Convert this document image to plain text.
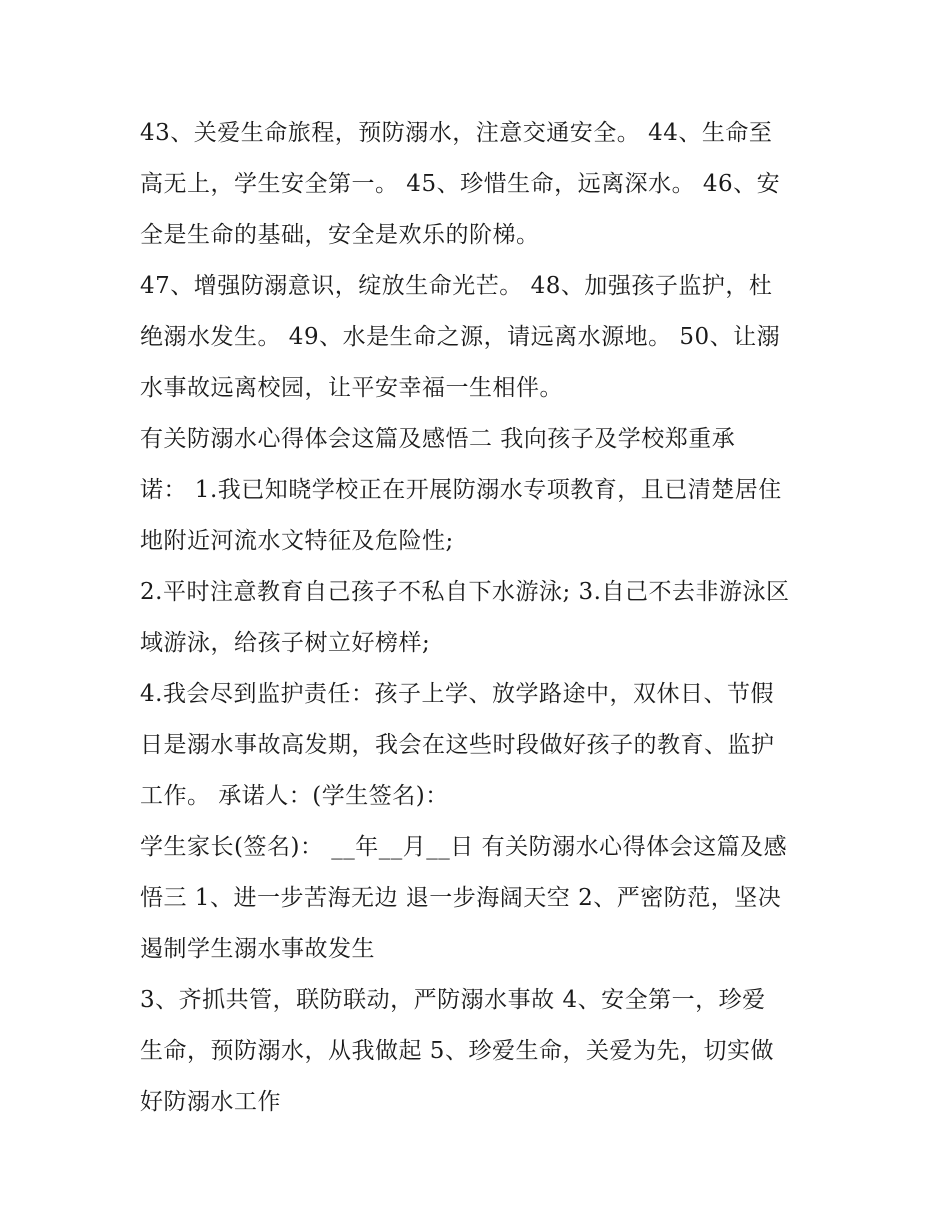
43、关爱生命旅程，预防溺水，注意交通安全。 44、生命至
高无上，学生安全第一。 45、珍惜生命，远离深水。 46、安
全是生命的基础，安全是欢乐的阶梯。
47、增强防溺意识，绽放生命光芒。 48、加强孩子监护，杜
绝溺水发生。 49、水是生命之源，请远离水源地。 50、让溺
水事故远离校园，让平安幸福一生相伴。
有关防溺水心得体会这篇及感悟二 我向孩子及学校郑重承
诺： 1.我已知晓学校正在开展防溺水专项教育，且已清楚居住
地附近河流水文特征及危险性;
2.平时注意教育自己孩子不私自下水游泳; 3.自己不去非游泳区
域游泳，给孩子树立好榜样;
4.我会尽到监护责任：孩子上学、放学路途中，双休日、节假
日是溺水事故高发期，我会在这些时段做好孩子的教育、监护
工作。 承诺人：(学生签名)：
学生家长(签名)： __年__月__日 有关防溺水心得体会这篇及感
悟三 1、进一步苦海无边 退一步海阔天空 2、严密防范，坚决
遏制学生溺水事故发生
3、齐抓共管，联防联动，严防溺水事故 4、安全第一，珍爱
生命，预防溺水，从我做起 5、珍爱生命，关爱为先，切实做
好防溺水工作
